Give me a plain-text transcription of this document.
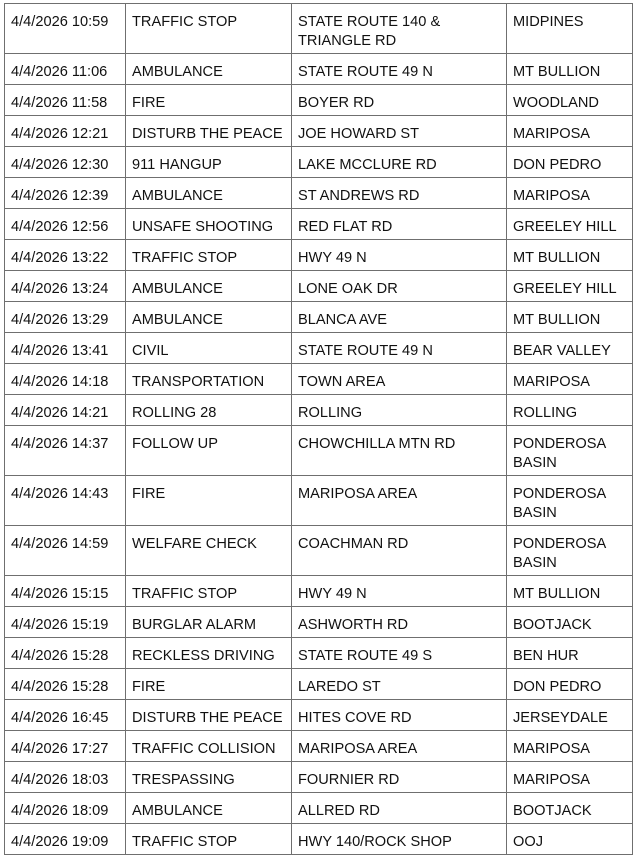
4/4/2026 10:59	TRAFFIC STOP	STATE ROUTE 140 & TRIANGLE RD	MIDPINES
4/4/2026 11:06	AMBULANCE	STATE ROUTE 49 N	MT BULLION
4/4/2026 11:58	FIRE	BOYER RD	WOODLAND
4/4/2026 12:21	DISTURB THE PEACE	JOE HOWARD ST	MARIPOSA
4/4/2026 12:30	911 HANGUP	LAKE MCCLURE RD	DON PEDRO
4/4/2026 12:39	AMBULANCE	ST ANDREWS RD	MARIPOSA
4/4/2026 12:56	UNSAFE SHOOTING	RED FLAT RD	GREELEY HILL
4/4/2026 13:22	TRAFFIC STOP	HWY 49 N	MT BULLION
4/4/2026 13:24	AMBULANCE	LONE OAK DR	GREELEY HILL
4/4/2026 13:29	AMBULANCE	BLANCA AVE	MT BULLION
4/4/2026 13:41	CIVIL	STATE ROUTE 49 N	BEAR VALLEY
4/4/2026 14:18	TRANSPORTATION	TOWN AREA	MARIPOSA
4/4/2026 14:21	ROLLING 28	ROLLING	ROLLING
4/4/2026 14:37	FOLLOW UP	CHOWCHILLA MTN RD	PONDEROSA BASIN
4/4/2026 14:43	FIRE	MARIPOSA AREA	PONDEROSA BASIN
4/4/2026 14:59	WELFARE CHECK	COACHMAN RD	PONDEROSA BASIN
4/4/2026 15:15	TRAFFIC STOP	HWY 49 N	MT BULLION
4/4/2026 15:19	BURGLAR ALARM	ASHWORTH RD	BOOTJACK
4/4/2026 15:28	RECKLESS DRIVING	STATE ROUTE 49 S	BEN HUR
4/4/2026 15:28	FIRE	LAREDO ST	DON PEDRO
4/4/2026 16:45	DISTURB THE PEACE	HITES COVE RD	JERSEYDALE
4/4/2026 17:27	TRAFFIC COLLISION	MARIPOSA AREA	MARIPOSA
4/4/2026 18:03	TRESPASSING	FOURNIER RD	MARIPOSA
4/4/2026 18:09	AMBULANCE	ALLRED RD	BOOTJACK
4/4/2026 19:09	TRAFFIC STOP	HWY 140/ROCK SHOP	OOJ
